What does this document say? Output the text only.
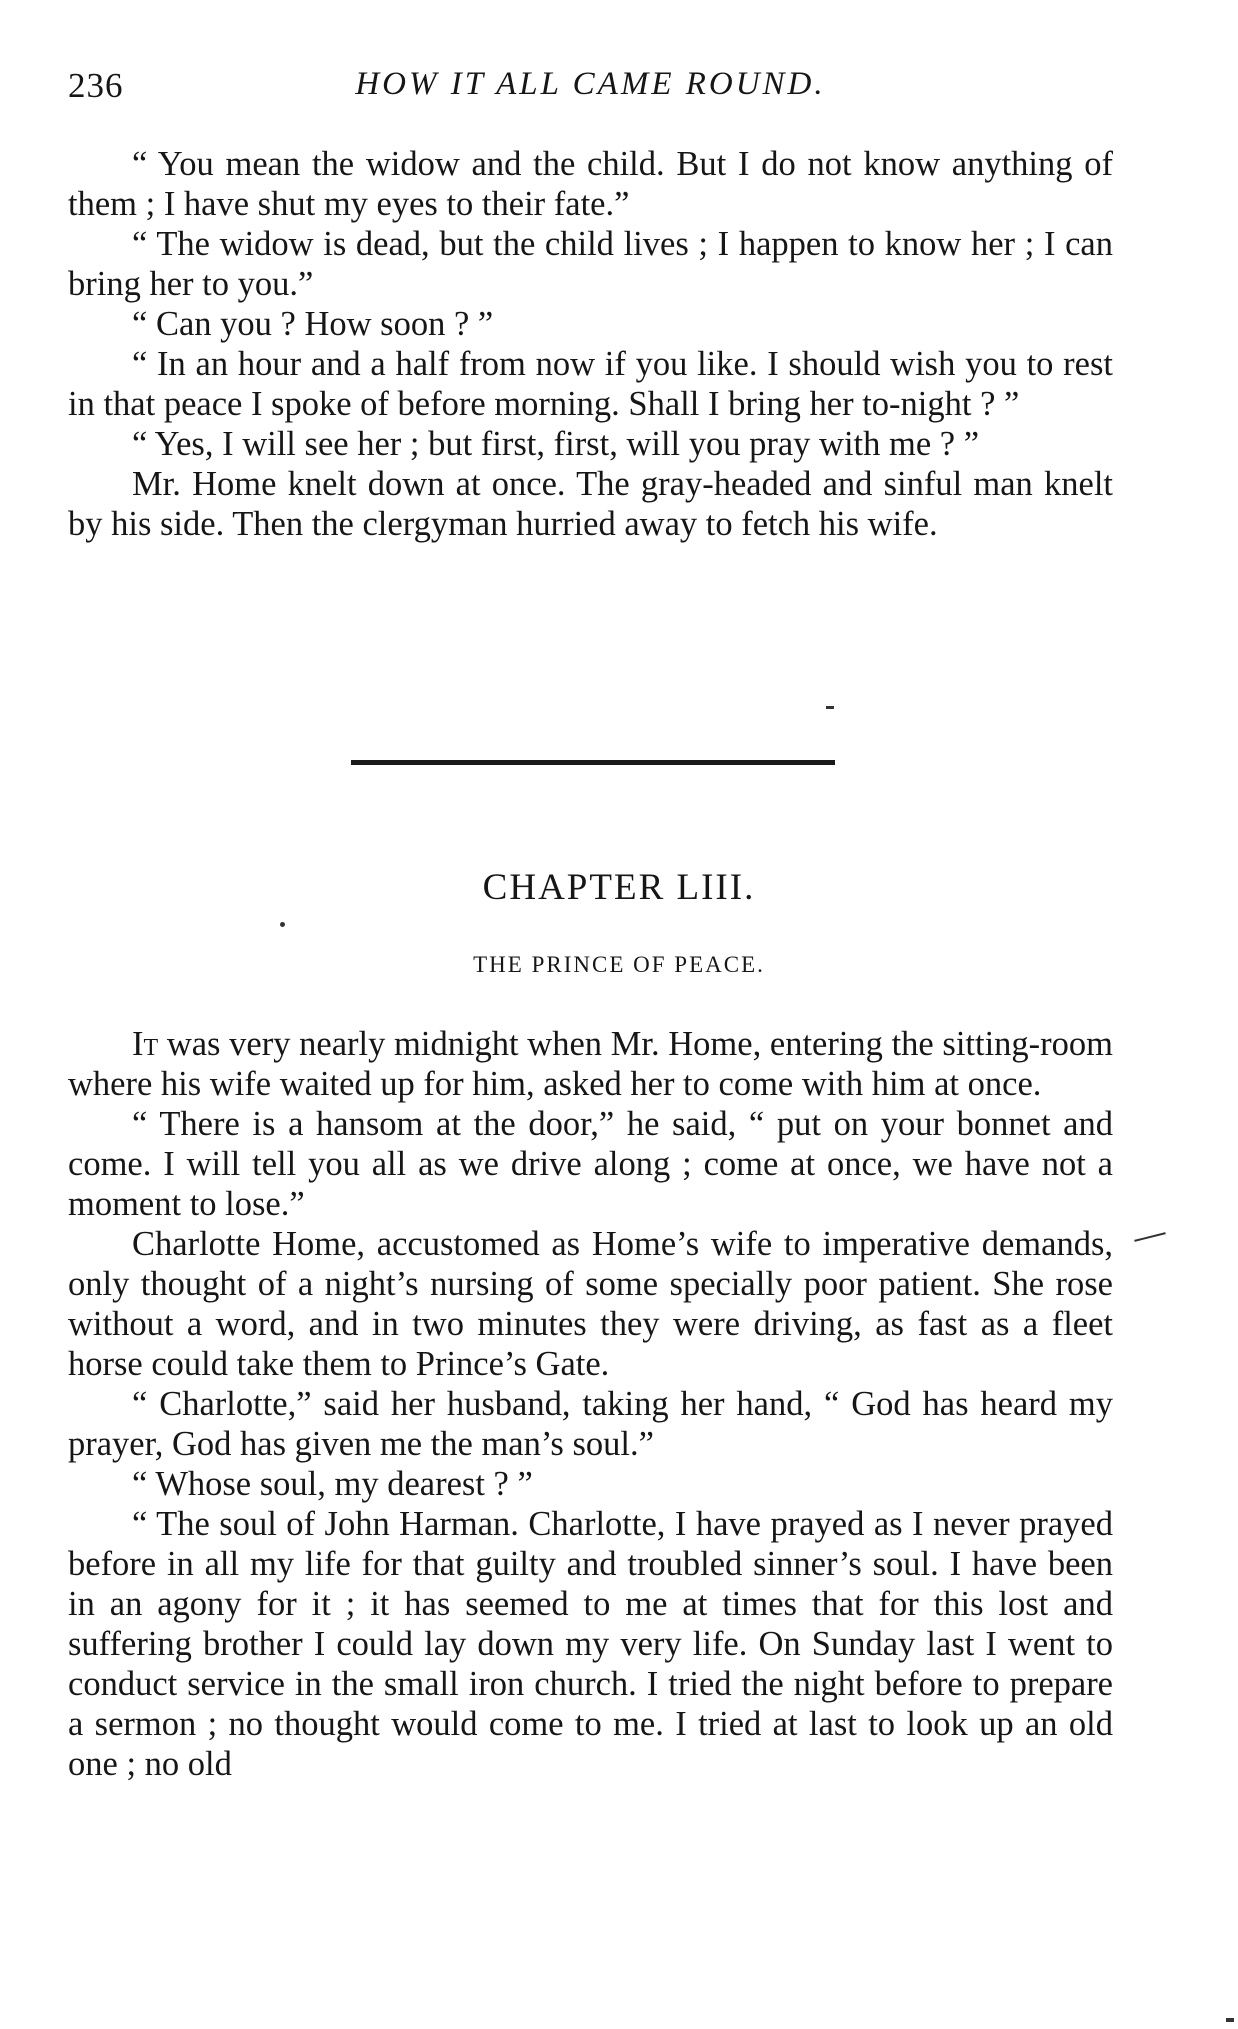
236	HOW IT ALL CAME ROUND.

“ You mean the widow and the child. But I do not know anything of them ; I have shut my eyes to their fate.”

“ The widow is dead, but the child lives ; I happen to know her ; I can bring her to you.”

“ Can you ? How soon ? ”

“ In an hour and a half from now if you like. I should wish you to rest in that peace I spoke of before morning. Shall I bring her to-night ? ”

“ Yes, I will see her ; but first, first, will you pray with me ? ”

Mr. Home knelt down at once. The gray-headed and sinful man knelt by his side. Then the clergyman hurried away to fetch his wife.

CHAPTER LIII.
THE PRINCE OF PEACE.

It was very nearly midnight when Mr. Home, entering the sitting-room where his wife waited up for him, asked her to come with him at once.

“ There is a hansom at the door,” he said, “ put on your bonnet and come. I will tell you all as we drive along ; come at once, we have not a moment to lose.”

Charlotte Home, accustomed as Home’s wife to imperative demands, only thought of a night’s nursing of some specially poor patient. She rose without a word, and in two minutes they were driving, as fast as a fleet horse could take them to Prince’s Gate.

“ Charlotte,” said her husband, taking her hand, “ God has heard my prayer, God has given me the man’s soul.”

“ Whose soul, my dearest ? ”

“ The soul of John Harman. Charlotte, I have prayed as I never prayed before in all my life for that guilty and troubled sinner’s soul. I have been in an agony for it ; it has seemed to me at times that for this lost and suffering brother I could lay down my very life. On Sunday last I went to conduct service in the small iron church. I tried the night before to prepare a sermon ; no thought would come to me. I tried at last to look up an old one ; no old
